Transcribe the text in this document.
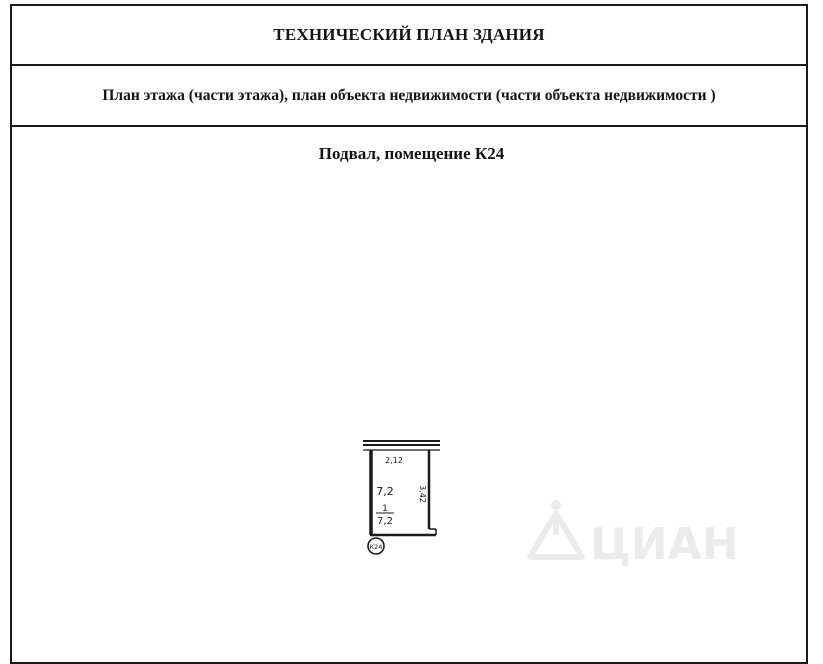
ТЕХНИЧЕСКИЙ ПЛАН ЗДАНИЯ
План этажа (части этажа), план объекта недвижимости (части объекта недвижимости )
Подвал, помещение К24
2,12
3,42
7,2
1
7,2
К24	ЦИАН
